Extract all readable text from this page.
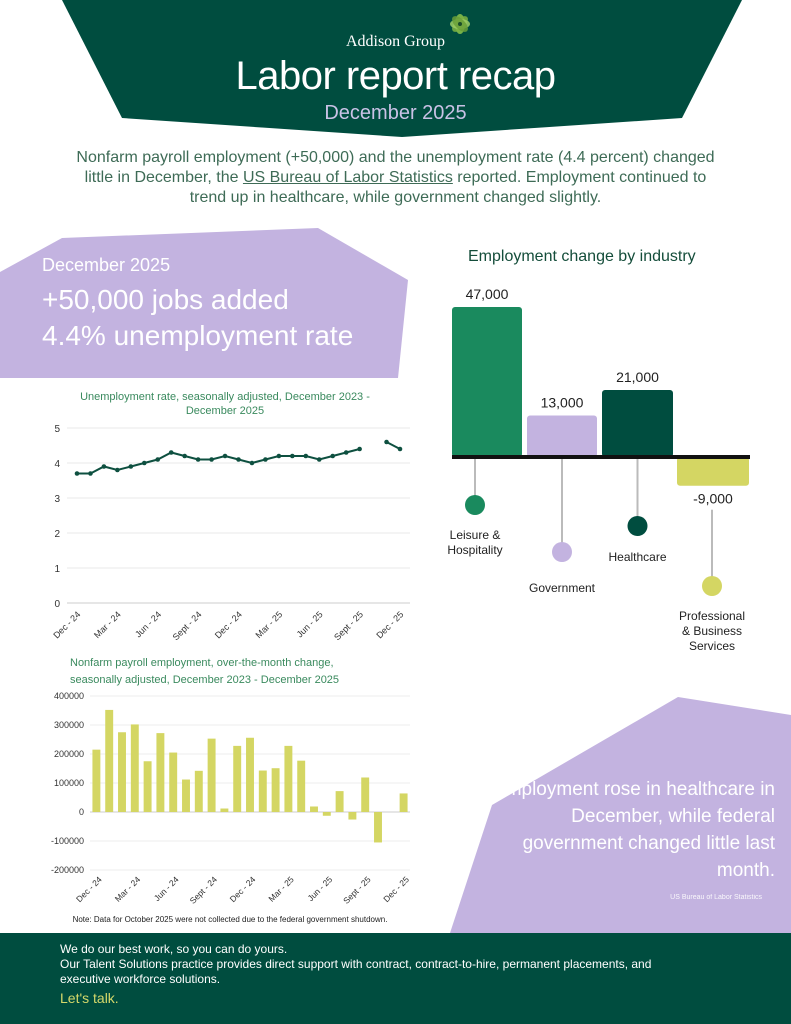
Addison Group
Labor report recap
December 2025

Nonfarm payroll employment (+50,000) and the unemployment rate (4.4 percent) changed little in December, the US Bureau of Labor Statistics reported. Employment continued to trend up in healthcare, while government changed slightly.

December 2025
+50,000 jobs added
4.4% unemployment rate
Unemployment rate, seasonally adjusted, December 2023 - December 2025
0
1
2
3
4
5
Dec - 24 Mar - 24 Jun - 24 Sept - 24 Dec - 24 Mar - 25 Jun - 25 Sept - 25 Dec - 25
Nonfarm payroll employment, over-the-month change, seasonally adjusted, December 2023 - December 2025
400000
300000
200000
100000
0
-100000
-200000
Dec - 24 Mar - 24 Jun - 24 Sept - 24 Dec - 24 Mar - 25 Jun - 25 Sept - 25 Dec - 25
Note: Data for October 2025 were not collected due to the federal government shutdown.
Employment change by industry
47,000
Leisure &
Hospitality
13,000
Government
21,000
Healthcare
-9,000
Professional
& Business
Services
Employment rose in healthcare in December, while federal government changed little last month.
US Bureau of Labor Statistics
We do our best work, so you can do yours.
Our Talent Solutions practice provides direct support with contract, contract-to-hire, permanent placements, and executive workforce solutions.
Let's talk.
